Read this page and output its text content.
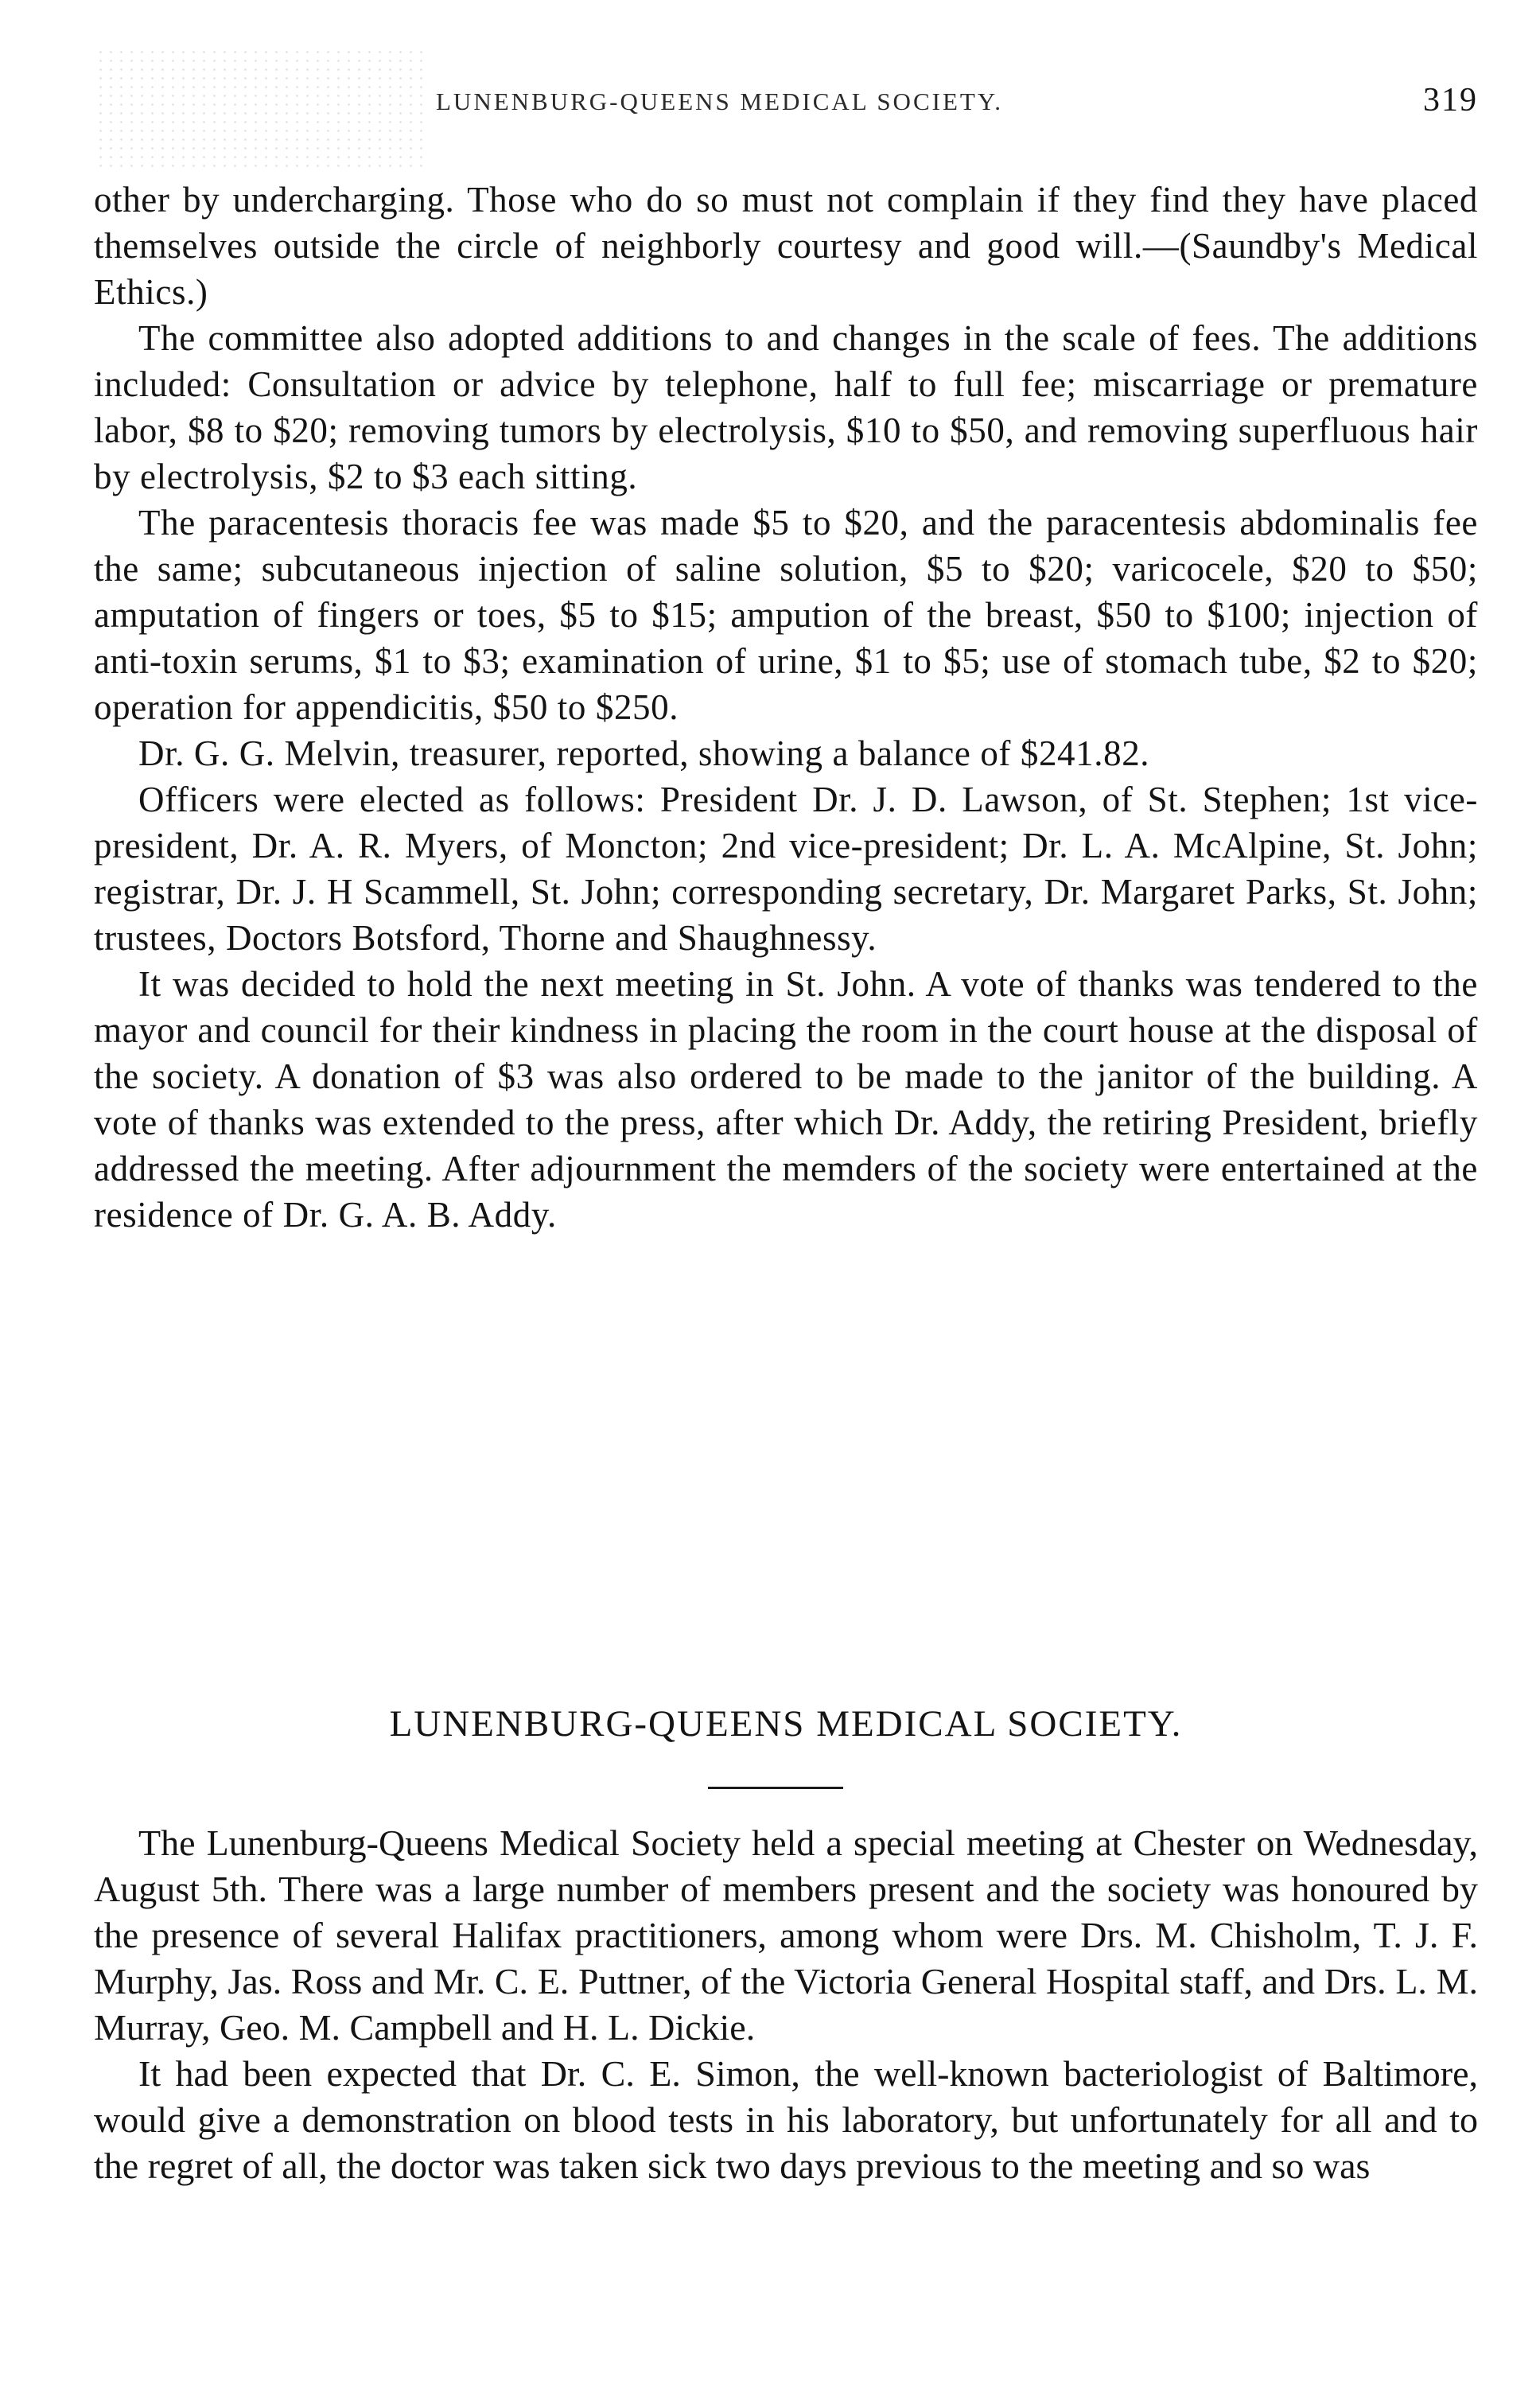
LUNENBURG-QUEENS MEDICAL SOCIETY.	319

other by undercharging. Those who do so must not complain if they find they have placed themselves outside the circle of neighborly courtesy and good will.—(Saundby's Medical Ethics.)

The committee also adopted additions to and changes in the scale of fees. The additions included: Consultation or advice by telephone, half to full fee; miscarriage or premature labor, $8 to $20; removing tumors by electrolysis, $10 to $50, and removing superfluous hair by electrolysis, $2 to $3 each sitting.

The paracentesis thoracis fee was made $5 to $20, and the paracentesis abdominalis fee the same; subcutaneous injection of saline solution, $5 to $20; varicocele, $20 to $50; amputation of fingers or toes, $5 to $15; ampution of the breast, $50 to $100; injection of anti-toxin serums, $1 to $3; examination of urine, $1 to $5; use of stomach tube, $2 to $20; operation for appendicitis, $50 to $250.

Dr. G. G. Melvin, treasurer, reported, showing a balance of $241.82.

Officers were elected as follows: President Dr. J. D. Lawson, of St. Stephen; 1st vice-president, Dr. A. R. Myers, of Moncton; 2nd vice-president; Dr. L. A. McAlpine, St. John; registrar, Dr. J. H Scammell, St. John; corresponding secretary, Dr. Margaret Parks, St. John; trustees, Doctors Botsford, Thorne and Shaughnessy.

It was decided to hold the next meeting in St. John. A vote of thanks was tendered to the mayor and council for their kindness in placing the room in the court house at the disposal of the society. A donation of $3 was also ordered to be made to the janitor of the building. A vote of thanks was extended to the press, after which Dr. Addy, the retiring President, briefly addressed the meeting. After adjournment the memders of the society were entertained at the residence of Dr. G. A. B. Addy.

LUNENBURG-QUEENS MEDICAL SOCIETY.

The Lunenburg-Queens Medical Society held a special meeting at Chester on Wednesday, August 5th. There was a large number of members present and the society was honoured by the presence of several Halifax practitioners, among whom were Drs. M. Chisholm, T. J. F. Murphy, Jas. Ross and Mr. C. E. Puttner, of the Victoria General Hospital staff, and Drs. L. M. Murray, Geo. M. Campbell and H. L. Dickie.

It had been expected that Dr. C. E. Simon, the well-known bacteriologist of Baltimore, would give a demonstration on blood tests in his laboratory, but unfortunately for all and to the regret of all, the doctor was taken sick two days previous to the meeting and so was
